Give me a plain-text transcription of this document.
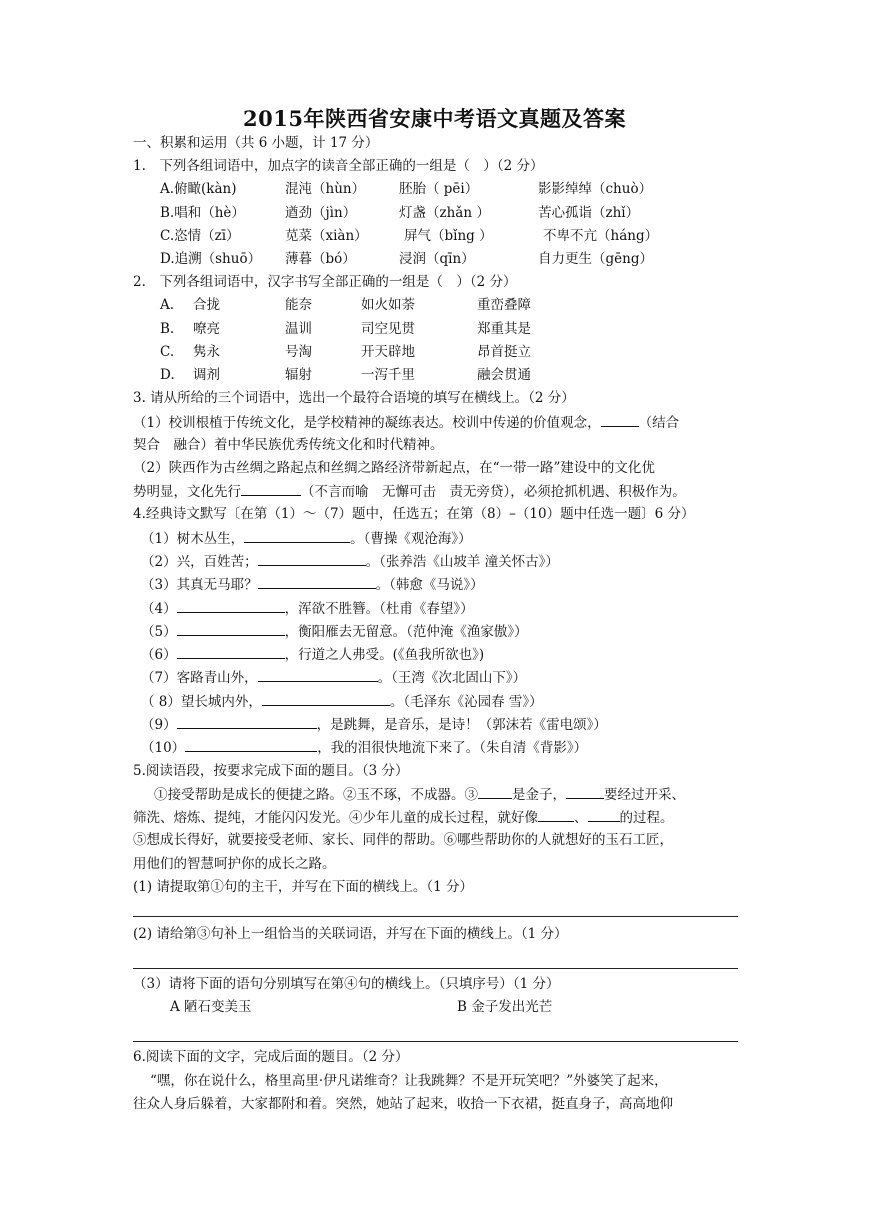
2015年陕西省安康中考语文真题及答案
一、积累和运用（共 6 小题，计 17 分）
1.　下列各组词语中，加点字的读音全部正确的一组是（　）（2 分）
A.俯瞰(kàn)	混沌（hùn）	胚胎（ pēi）	影影绰绰（chuò）
B.唱和（hè）	遒劲（jìn）	灯盏（zhǎn ）	苦心孤诣（zhǐ）
C.恣情（zī）	苋菜（xiàn）	屏气（bǐng ）	不卑不亢（háng）
D.追溯（shuō） 薄暮（bó）	浸润（qīn）	自力更生（gēng）
2.　下列各组词语中，汉字书写全部正确的一组是（　）（2 分）
A. 合拢	能奈	如火如荼	重峦叠障
B. 嘹亮	温训	司空见贯	郑重其是
C. 隽永	号淘	开天辟地	昂首挺立
D. 调剂	辐射	一泻千里	融会贯通
3. 请从所给的三个词语中，选出一个最符合语境的填写在横线上。（2 分）
（1）校训根植于传统文化，是学校精神的凝练表达。校训中传递的价值观念，	（结合
契合　融合）着中华民族优秀传统文化和时代精神。
（2）陕西作为古丝绸之路起点和丝绸之路经济带新起点，在“一带一路”建设中的文化优
势明显，文化先行	（不言而喻　无懈可击　责无旁贷），必须抢抓机遇、积极作为。
4.经典诗文默写〔在第（1）～（7）题中，任选五；在第（8）–（10）题中任选一题〕6 分）
（1）树木丛生，	。（曹操《观沧海》）
（2）兴，百姓苦；	。（张养浩《山坡羊 潼关怀古》）
（3）其真无马耶？	。（韩愈《马说》）
（4）	，浑欲不胜簪。（杜甫《春望》）
（5）	，衡阳雁去无留意。（范仲淹《渔家傲》）
（6）	，行道之人弗受。(《鱼我所欲也》)
（7）客路青山外，	。（王湾《次北固山下》）
（ 8）望长城内外，	。（毛泽东《沁园春 雪》）
（9）	，是跳舞，是音乐，是诗！（郭沫若《雷电颂》）
（10）	，我的泪很快地流下来了。（朱自清《背影》）
5.阅读语段，按要求完成下面的题目。（3 分）
①接受帮助是成长的便捷之路。②玉不琢，不成器。③	是金子，	要经过开采、
筛洗、熔炼、提纯，才能闪闪发光。④少年儿童的成长过程，就好像	、 的过程。
⑤想成长得好，就要接受老师、家长、同伴的帮助。⑥哪些帮助你的人就想好的玉石工匠，
用他们的智慧呵护你的成长之路。
(1) 请提取第①句的主干，并写在下面的横线上。（1 分）
(2) 请给第③句补上一组恰当的关联词语，并写在下面的横线上。（1 分）
（3）请将下面的语句分别填写在第④句的横线上。（只填序号）（1 分）
A 陋石变美玉	B 金子发出光芒
6.阅读下面的文字，完成后面的题目。（2 分）
“嘿，你在说什么，格里高里·伊凡诺维奇？让我跳舞？不是开玩笑吧？”外婆笑了起来，
往众人身后躲着，大家都附和着。突然，她站了起来，收拾一下衣裙，挺直身子，高高地仰
